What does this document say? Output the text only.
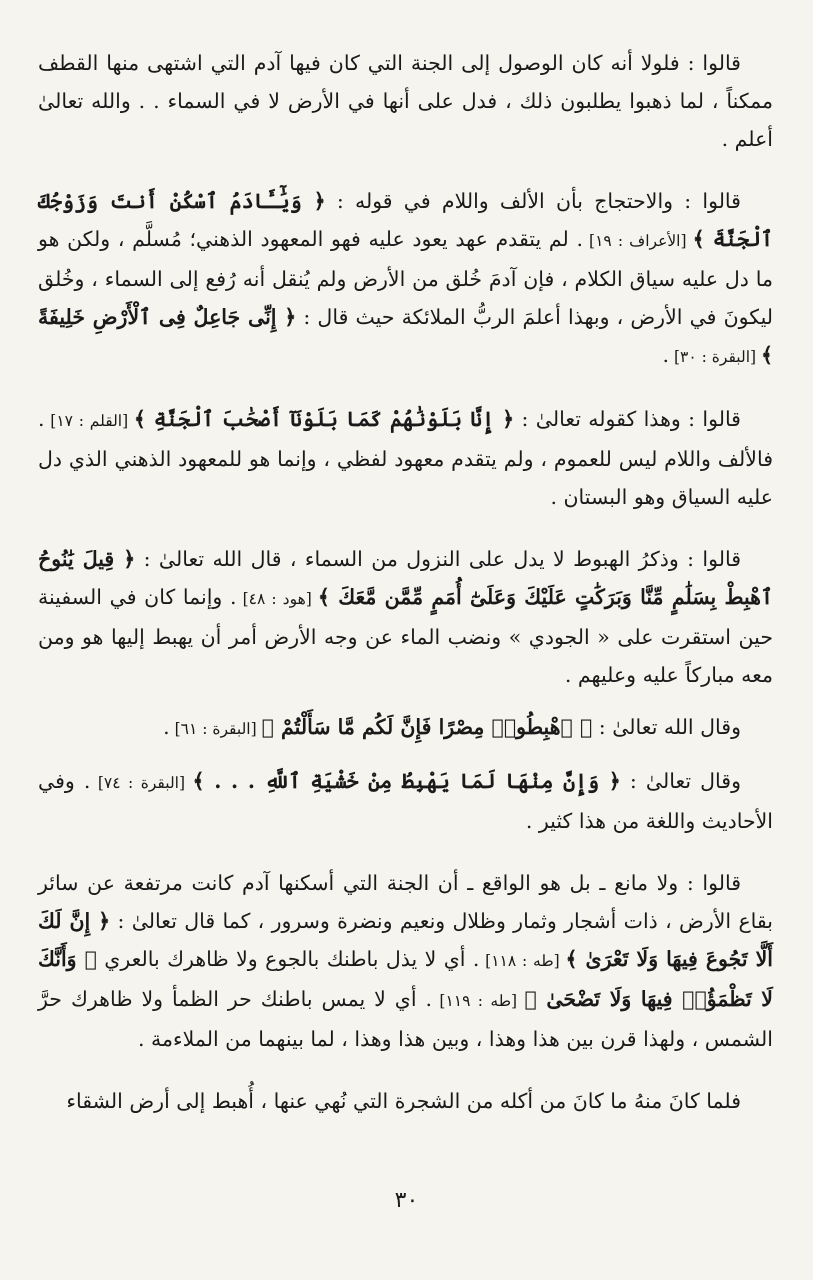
قالوا : فلولا أنه كان الوصول إلى الجنة التي كان فيها آدم التي اشتهى منها القطف ممكناً ، لما ذهبوا يطلبون ذلك ، فدل على أنها في الأرض لا في السماء . . والله تعالىٰ أعلم .

قالوا : والاحتجاج بأن الألف واللام في قوله : ﴿ وَيَٰٓـَٔادَمُ ٱسْكُنْ أَنتَ وَزَوْجُكَ ٱلْجَنَّةَ ﴾ [الأعراف : ١٩] . لم يتقدم عهد يعود عليه فهو المعهود الذهني؛ مُسلَّم ، ولكن هو ما دل عليه سياق الكلام ، فإن آدمَ خُلق من الأرض ولم يُنقل أنه رُفع إلى السماء ، وخُلق ليكونَ في الأرض ، وبهذا أعلمَ الربُّ الملائكة حيث قال : ﴿ إِنِّى جَاعِلٌ فِى ٱلْأَرْضِ خَلِيفَةً ﴾ [البقرة : ٣٠] .

قالوا : وهذا كقوله تعالىٰ : ﴿ إِنَّا بَلَوْنَٰهُمْ كَمَا بَلَوْنَآ أَصْحَٰبَ ٱلْجَنَّةِ ﴾ [القلم : ١٧] . فالألف واللام ليس للعموم ، ولم يتقدم معهود لفظي ، وإنما هو للمعهود الذهني الذي دل عليه السياق وهو البستان .

قالوا : وذكرُ الهبوط لا يدل على النزول من السماء ، قال الله تعالىٰ : ﴿ قِيلَ يَٰنُوحُ ٱهْبِطْ بِسَلَٰمٍ مِّنَّا وَبَرَكَٰتٍ عَلَيْكَ وَعَلَىٰٓ أُمَمٍ مِّمَّن مَّعَكَ ﴾ [هود : ٤٨] . وإنما كان في السفينة حين استقرت على « الجودي » ونضب الماء عن وجه الأرض أمر أن يهبط إليها هو ومن معه مباركاً عليه وعليهم .

وقال الله تعالىٰ : ﴿ ٱهْبِطُوا۟ مِصْرًا فَإِنَّ لَكُم مَّا سَأَلْتُمْ ﴾ [البقرة : ٦١] .

وقال تعالىٰ : ﴿ وَإِنَّ مِنْهَا لَمَا يَهْبِطُ مِنْ خَشْيَةِ ٱللَّهِ . . . ﴾ [البقرة : ٧٤] . وفي الأحاديث واللغة من هذا كثير .

قالوا : ولا مانع ـ بل هو الواقع ـ أن الجنة التي أسكنها آدم كانت مرتفعة عن سائر بقاع الأرض ، ذات أشجار وثمار وظلال ونعيم ونضرة وسرور ، كما قال تعالىٰ : ﴿ إِنَّ لَكَ أَلَّا تَجُوعَ فِيهَا وَلَا تَعْرَىٰ ﴾ [طه : ١١٨] . أي لا يذل باطنك بالجوع ولا ظاهرك بالعري ﴿ وَأَنَّكَ لَا تَظْمَؤُا۟ فِيهَا وَلَا تَضْحَىٰ ﴾ [طه : ١١٩] . أي لا يمس باطنك حر الظمأ ولا ظاهرك حرَّ الشمس ، ولهذا قرن بين هذا وهذا ، وبين هذا وهذا ، لما بينهما من الملاءمة .

فلما كانَ منهُ ما كانَ من أكله من الشجرة التي نُهي عنها ، أُهبط إلى أرض الشقاء

٣٠
